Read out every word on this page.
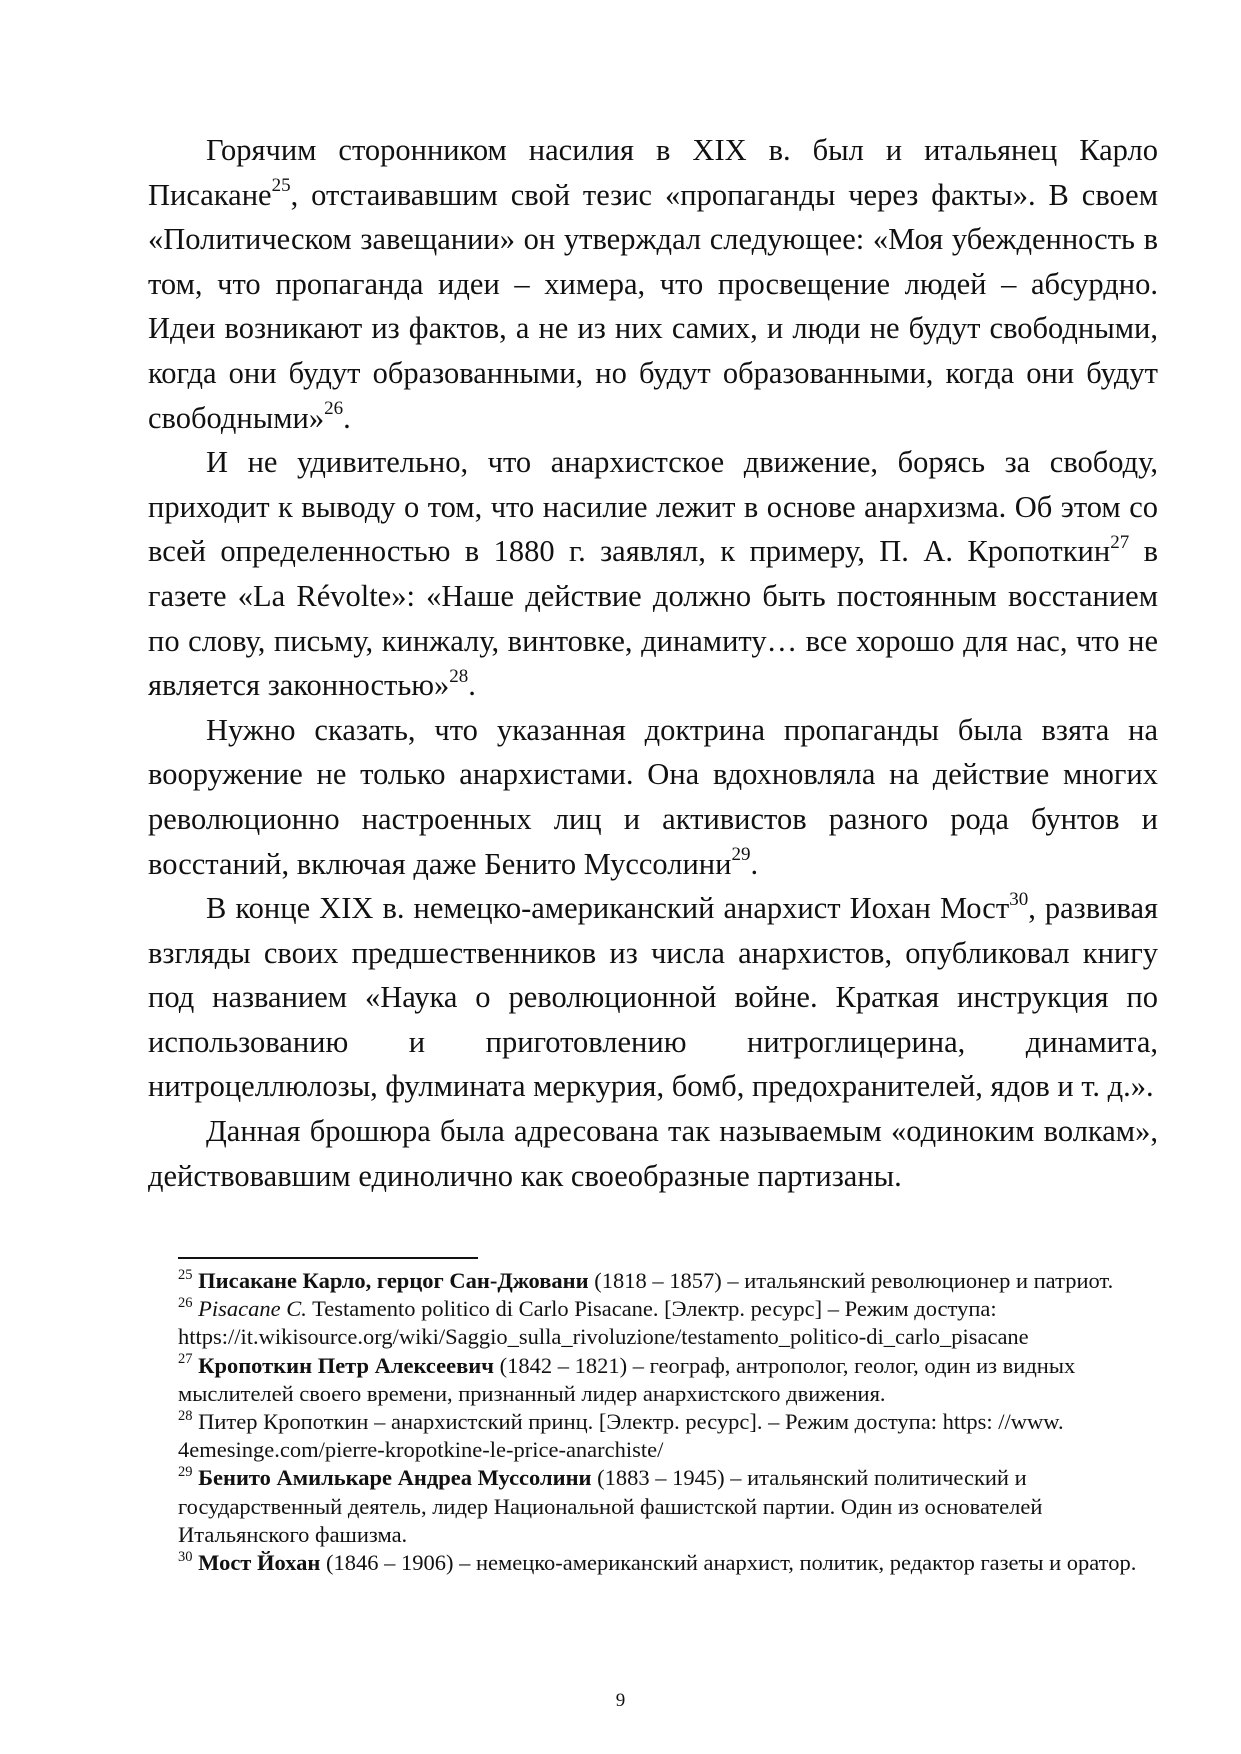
Горячим сторонником насилия в XIX в. был и итальянец Карло Писакане$^{25}$, отстаивавшим свой тезис «пропаганды через факты». В своем «Политическом завещании» он утверждал следующее: «Моя убежденность в том, что пропаганда идеи – химера, что просвещение людей – абсурдно. Идеи возникают из фактов, а не из них самих, и люди не будут свободными, когда они будут образованными, но будут образованными, когда они будут свободными»$^{26}$.

И не удивительно, что анархистское движение, борясь за свободу, приходит к выводу о том, что насилие лежит в основе анархизма. Об этом со всей определенностью в 1880 г. заявлял, к примеру, П. А. Кропоткин$^{27}$ в газете «La Révolte»: «Наше действие должно быть постоянным восстанием по слову, письму, кинжалу, винтовке, динамиту… все хорошо для нас, что не является законностью»$^{28}$.

Нужно сказать, что указанная доктрина пропаганды была взята на вооружение не только анархистами. Она вдохновляла на действие многих революционно настроенных лиц и активистов разного рода бунтов и восстаний, включая даже Бенито Муссолини$^{29}$.

В конце XIX в. немецко-американский анархист Иохан Мост$^{30}$, развивая взгляды своих предшественников из числа анархистов, опубликовал книгу под названием «Наука о революционной войне. Краткая инструкция по использованию и приготовлению нитроглицерина, динамита, нитроцеллюлозы, фулмината меркурия, бомб, предохранителей, ядов и т. д.».

Данная брошюра была адресована так называемым «одиноким волкам», действовавшим единолично как своеобразные партизаны.

$^{25}$ Писакане Карло, герцог Сан-Джовани (1818 – 1857) – итальянский революционер и патриот.

$^{26}$ Pisacane C. Testamento politico di Carlo Pisacane. [Электр. ресурс] – Режим доступа: https://it.wikisource.org/wiki/Saggio_sulla_rivoluzione/testamento_politico-di_carlo_pisacane

$^{27}$ Кропоткин Петр Алексеевич (1842 – 1821) – географ, антрополог, геолог, один из видных мыслителей своего времени, признанный лидер анархистского движения.

$^{28}$ Питер Кропоткин – анархистский принц. [Электр. ресурс]. – Режим доступа: https: //www. 4emesinge.com/pierre-kropotkine-le-price-anarchiste/

$^{29}$ Бенито Амилькаре Андреа Муссолини (1883 – 1945) – итальянский политический и государственный деятель, лидер Национальной фашистской партии. Один из основателей Итальянского фашизма.

$^{30}$ Мост Йохан (1846 – 1906) – немецко-американский анархист, политик, редактор газеты и оратор.

9
